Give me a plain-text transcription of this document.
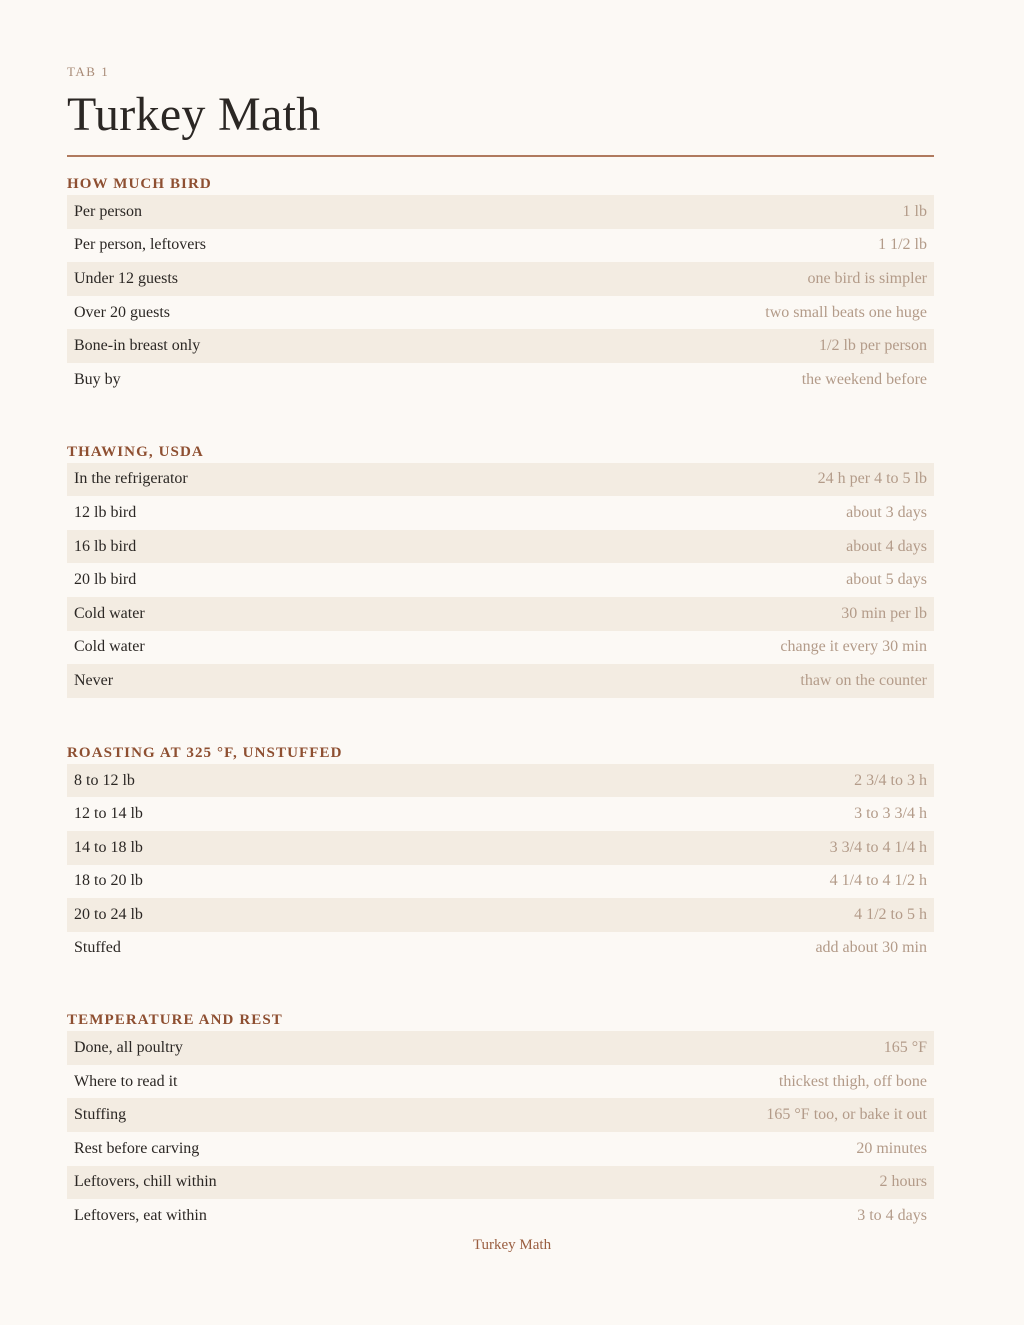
TAB 1

Turkey Math
HOW MUCH BIRD
Per person	1 lb
Per person, leftovers	1 1/2 lb
Under 12 guests	one bird is simpler
Over 20 guests	two small beats one huge
Bone-in breast only	1/2 lb per person
Buy by	the weekend before
THAWING, USDA
In the refrigerator	24 h per 4 to 5 lb
12 lb bird	about 3 days
16 lb bird	about 4 days
20 lb bird	about 5 days
Cold water	30 min per lb
Cold water	change it every 30 min
Never	thaw on the counter
ROASTING AT 325 °F, UNSTUFFED
8 to 12 lb	2 3/4 to 3 h
12 to 14 lb	3 to 3 3/4 h
14 to 18 lb	3 3/4 to 4 1/4 h
18 to 20 lb	4 1/4 to 4 1/2 h
20 to 24 lb	4 1/2 to 5 h
Stuffed	add about 30 min
TEMPERATURE AND REST
Done, all poultry	165 °F
Where to read it	thickest thigh, off bone
Stuffing	165 °F too, or bake it out
Rest before carving	20 minutes
Leftovers, chill within	2 hours
Leftovers, eat within	3 to 4 days
Turkey Math
